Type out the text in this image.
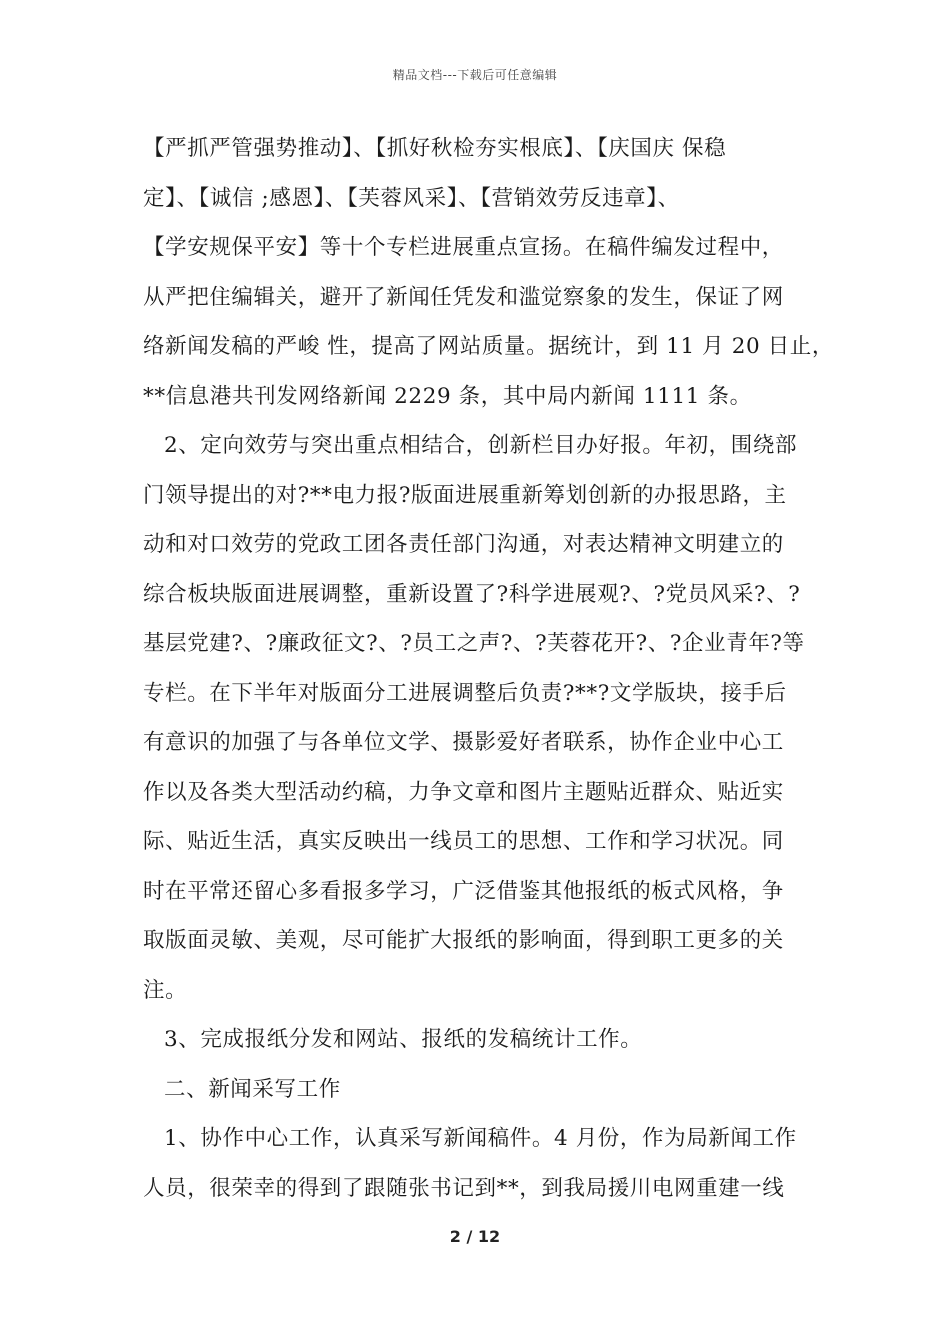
精品文档---下载后可任意编辑
【严抓严管强势推动】、【抓好秋检夯实根底】、【庆国庆 保稳
定】、【诚信 ;感恩】、【芙蓉风采】、【营销效劳反违章】、
【学安规保平安】等十个专栏进展重点宣扬。在稿件编发过程中，
从严把住编辑关，避开了新闻任凭发和滥觉察象的发生，保证了网
络新闻发稿的严峻 性，提高了网站质量。据统计，到 11 月 20 日止，
**信息港共刊发网络新闻 2229 条，其中局内新闻 1111 条。
2、定向效劳与突出重点相结合，创新栏目办好报。年初，围绕部
门领导提出的对?**电力报?版面进展重新筹划创新的办报思路，主
动和对口效劳的党政工团各责任部门沟通，对表达精神文明建立的
综合板块版面进展调整，重新设置了?科学进展观?、?党员风采?、?
基层党建?、?廉政征文?、?员工之声?、?芙蓉花开?、?企业青年?等
专栏。在下半年对版面分工进展调整后负责?**?文学版块，接手后
有意识的加强了与各单位文学、摄影爱好者联系，协作企业中心工
作以及各类大型活动约稿，力争文章和图片主题贴近群众、贴近实
际、贴近生活，真实反映出一线员工的思想、工作和学习状况。同
时在平常还留心多看报多学习，广泛借鉴其他报纸的板式风格，争
取版面灵敏、美观，尽可能扩大报纸的影响面，得到职工更多的关
注。
3、完成报纸分发和网站、报纸的发稿统计工作。
二、新闻采写工作
1、协作中心工作，认真采写新闻稿件。4 月份，作为局新闻工作
人员，很荣幸的得到了跟随张书记到**，到我局援川电网重建一线
2 / 12
